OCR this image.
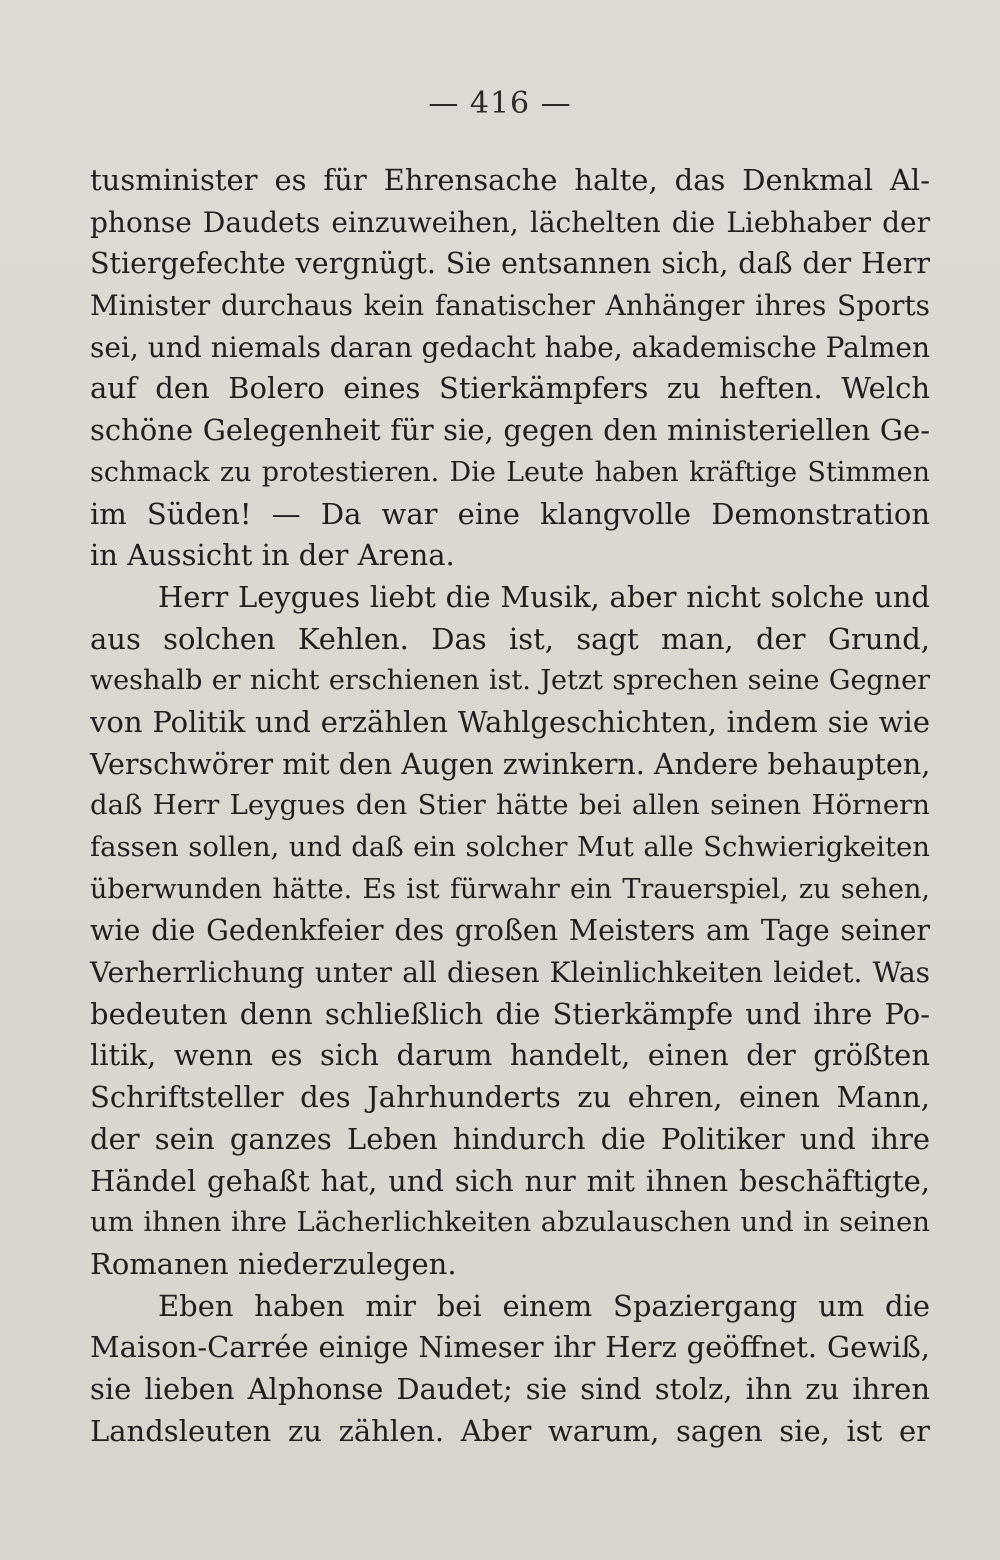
— 416 —
tusminister es für Ehrensache halte, das Denkmal Al-
phonse Daudets einzuweihen, lächelten die Liebhaber der
Stiergefechte vergnügt. Sie entsannen sich, daß der Herr
Minister durchaus kein fanatischer Anhänger ihres Sports
sei, und niemals daran gedacht habe, akademische Palmen
auf den Bolero eines Stierkämpfers zu heften. Welch
schöne Gelegenheit für sie, gegen den ministeriellen Ge-
schmack zu protestieren. Die Leute haben kräftige Stimmen
im Süden! — Da war eine klangvolle Demonstration
in Aussicht in der Arena.
Herr Leygues liebt die Musik, aber nicht solche und
aus solchen Kehlen. Das ist, sagt man, der Grund,
weshalb er nicht erschienen ist. Jetzt sprechen seine Gegner
von Politik und erzählen Wahlgeschichten, indem sie wie
Verschwörer mit den Augen zwinkern. Andere behaupten,
daß Herr Leygues den Stier hätte bei allen seinen Hörnern
fassen sollen, und daß ein solcher Mut alle Schwierigkeiten
überwunden hätte. Es ist fürwahr ein Trauerspiel, zu sehen,
wie die Gedenkfeier des großen Meisters am Tage seiner
Verherrlichung unter all diesen Kleinlichkeiten leidet. Was
bedeuten denn schließlich die Stierkämpfe und ihre Po-
litik, wenn es sich darum handelt, einen der größten
Schriftsteller des Jahrhunderts zu ehren, einen Mann,
der sein ganzes Leben hindurch die Politiker und ihre
Händel gehaßt hat, und sich nur mit ihnen beschäftigte,
um ihnen ihre Lächerlichkeiten abzulauschen und in seinen
Romanen niederzulegen.
Eben haben mir bei einem Spaziergang um die
Maison-Carrée einige Nimeser ihr Herz geöffnet. Gewiß,
sie lieben Alphonse Daudet; sie sind stolz, ihn zu ihren
Landsleuten zu zählen. Aber warum, sagen sie, ist er
